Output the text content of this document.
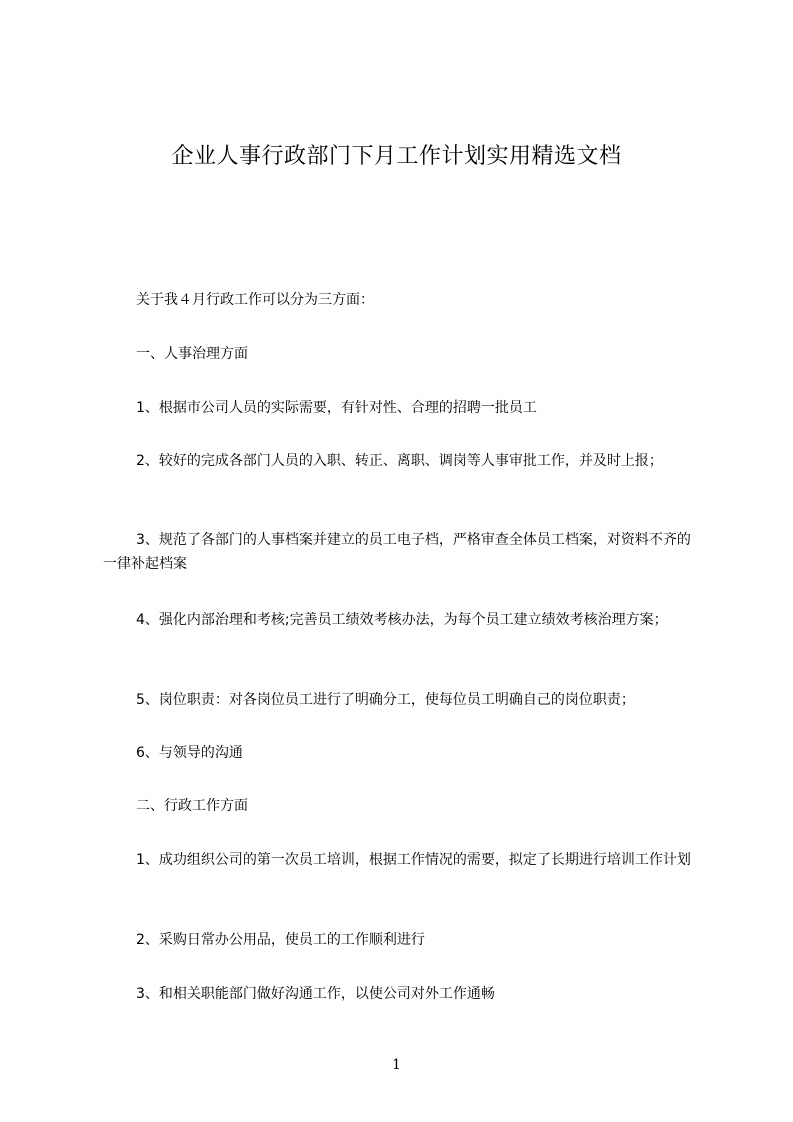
企业人事行政部门下月工作计划实用精选文档

关于我４月行政工作可以分为三方面：

一、人事治理方面

1、根据市公司人员的实际需要，有针对性、合理的招聘一批员工

2、较好的完成各部门人员的入职、转正、离职、调岗等人事审批工作，并及时上报；

3、规范了各部门的人事档案并建立的员工电子档，严格审查全体员工档案，对资料不齐的一律补起档案

4、强化内部治理和考核;完善员工绩效考核办法，为每个员工建立绩效考核治理方案；

5、岗位职责：对各岗位员工进行了明确分工，使每位员工明确自己的岗位职责；

6、与领导的沟通

二、行政工作方面

1、成功组织公司的第一次员工培训，根据工作情况的需要，拟定了长期进行培训工作计划

2、采购日常办公用品，使员工的工作顺利进行

3、和相关职能部门做好沟通工作，以使公司对外工作通畅

1
